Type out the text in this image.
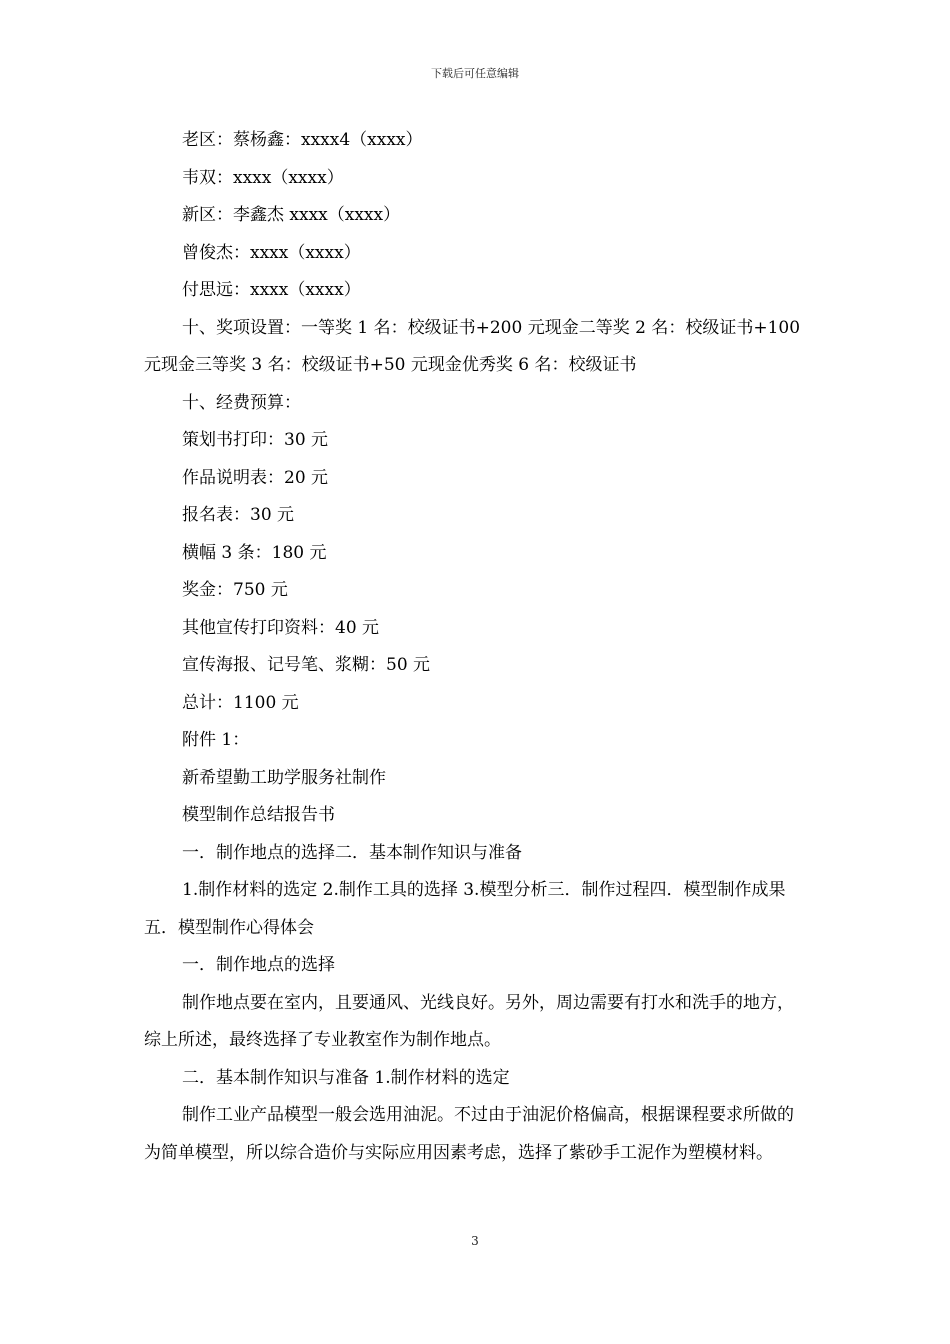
下载后可任意编辑

老区：蔡杨鑫：xxxx4（xxxx）

韦双：xxxx（xxxx）

新区：李鑫杰 xxxx（xxxx）

曾俊杰：xxxx（xxxx）

付思远：xxxx（xxxx）

十、奖项设置：一等奖 1 名：校级证书+200 元现金二等奖 2 名：校级证书+100 元现金三等奖 3 名：校级证书+50 元现金优秀奖 6 名：校级证书

十、经费预算：

策划书打印：30 元

作品说明表：20 元

报名表：30 元

横幅 3 条：180 元

奖金：750 元

其他宣传打印资料：40 元

宣传海报、记号笔、浆糊：50 元

总计：1100 元

附件 1：

新希望勤工助学服务社制作

模型制作总结报告书

一．制作地点的选择二．基本制作知识与准备

1.制作材料的选定 2.制作工具的选择 3.模型分析三．制作过程四．模型制作成果五．模型制作心得体会

一．制作地点的选择

制作地点要在室内，且要通风、光线良好。另外，周边需要有打水和洗手的地方，综上所述，最终选择了专业教室作为制作地点。

二．基本制作知识与准备 1.制作材料的选定

制作工业产品模型一般会选用油泥。不过由于油泥价格偏高，根据课程要求所做的为简单模型，所以综合造价与实际应用因素考虑，选择了紫砂手工泥作为塑模材料。

3
